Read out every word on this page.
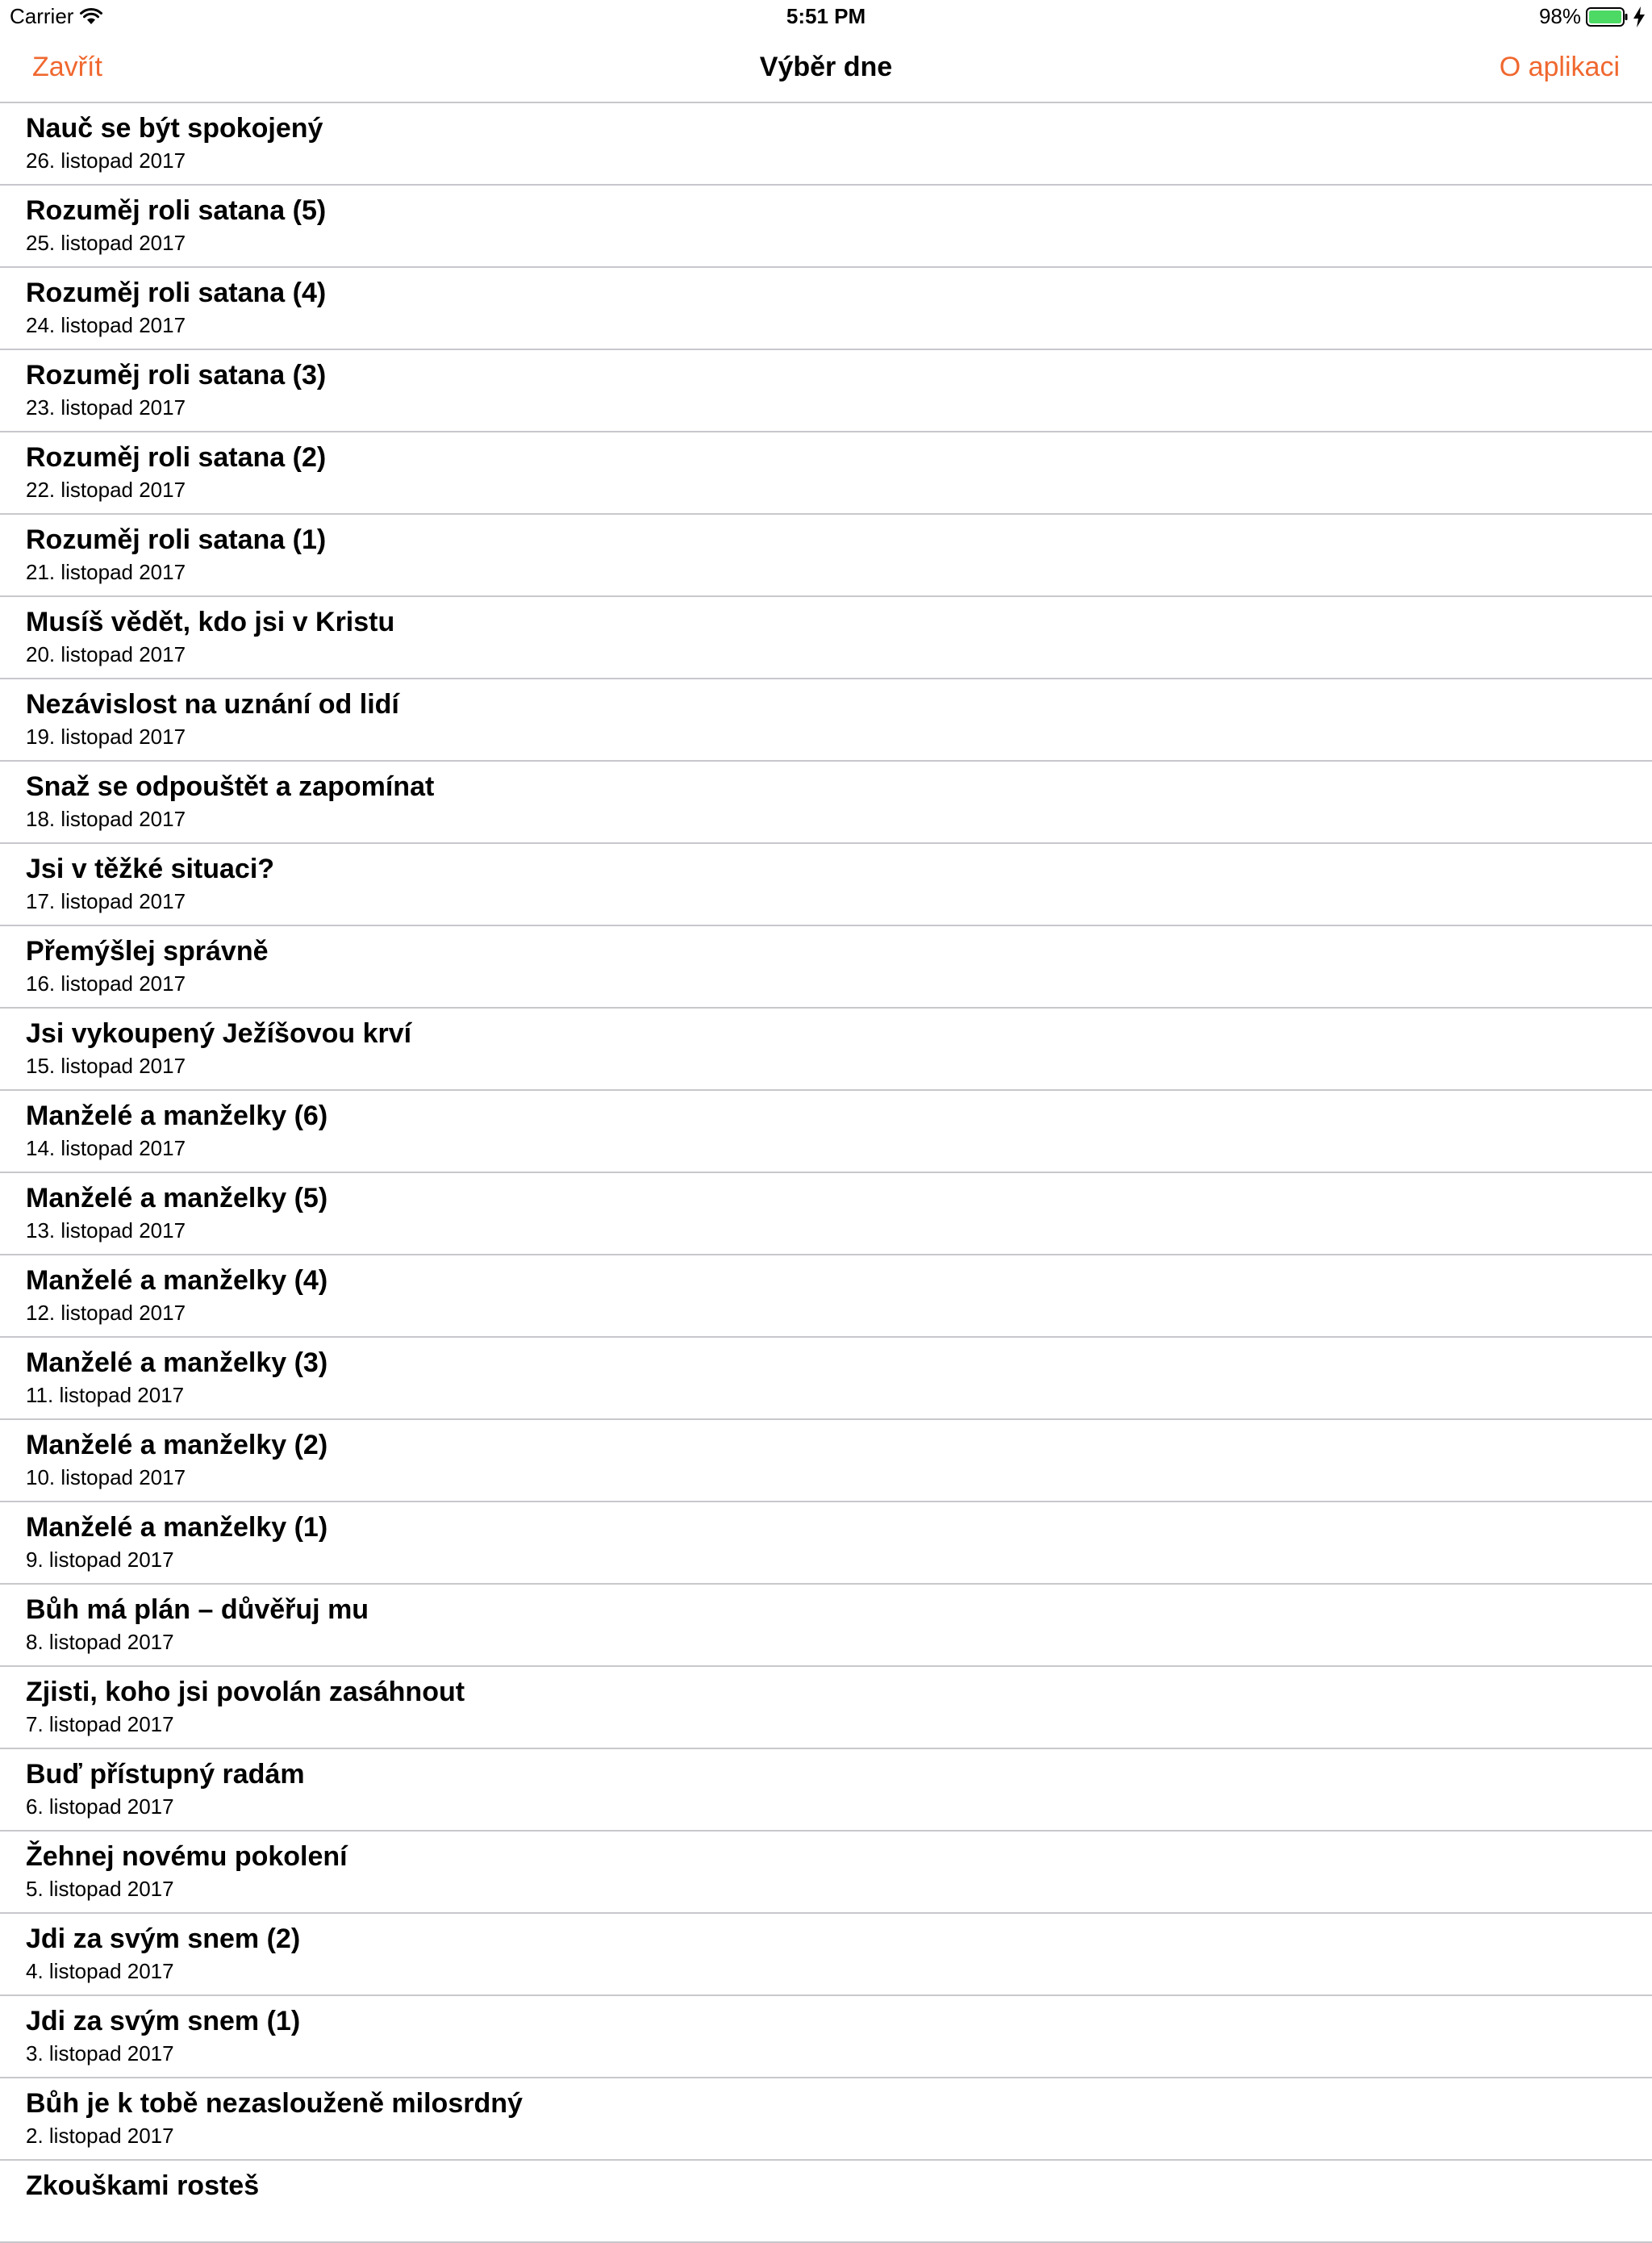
Carrier	5:51 PM	98%
Zavřít	Výběr dne	O aplikaci
Nauč se být spokojený
26. listopad 2017
Rozuměj roli satana (5)
25. listopad 2017
Rozuměj roli satana (4)
24. listopad 2017
Rozuměj roli satana (3)
23. listopad 2017
Rozuměj roli satana (2)
22. listopad 2017
Rozuměj roli satana (1)
21. listopad 2017
Musíš vědět, kdo jsi v Kristu
20. listopad 2017
Nezávislost na uznání od lidí
19. listopad 2017
Snaž se odpouštět a zapomínat
18. listopad 2017
Jsi v těžké situaci?
17. listopad 2017
Přemýšlej správně
16. listopad 2017
Jsi vykoupený Ježíšovou krví
15. listopad 2017
Manželé a manželky (6)
14. listopad 2017
Manželé a manželky (5)
13. listopad 2017
Manželé a manželky (4)
12. listopad 2017
Manželé a manželky (3)
11. listopad 2017
Manželé a manželky (2)
10. listopad 2017
Manželé a manželky (1)
9. listopad 2017
Bůh má plán – důvěřuj mu
8. listopad 2017
Zjisti, koho jsi povolán zasáhnout
7. listopad 2017
Buď přístupný radám
6. listopad 2017
Žehnej novému pokolení
5. listopad 2017
Jdi za svým snem (2)
4. listopad 2017
Jdi za svým snem (1)
3. listopad 2017
Bůh je k tobě nezaslouženě milosrdný
2. listopad 2017
Zkouškami rosteš
